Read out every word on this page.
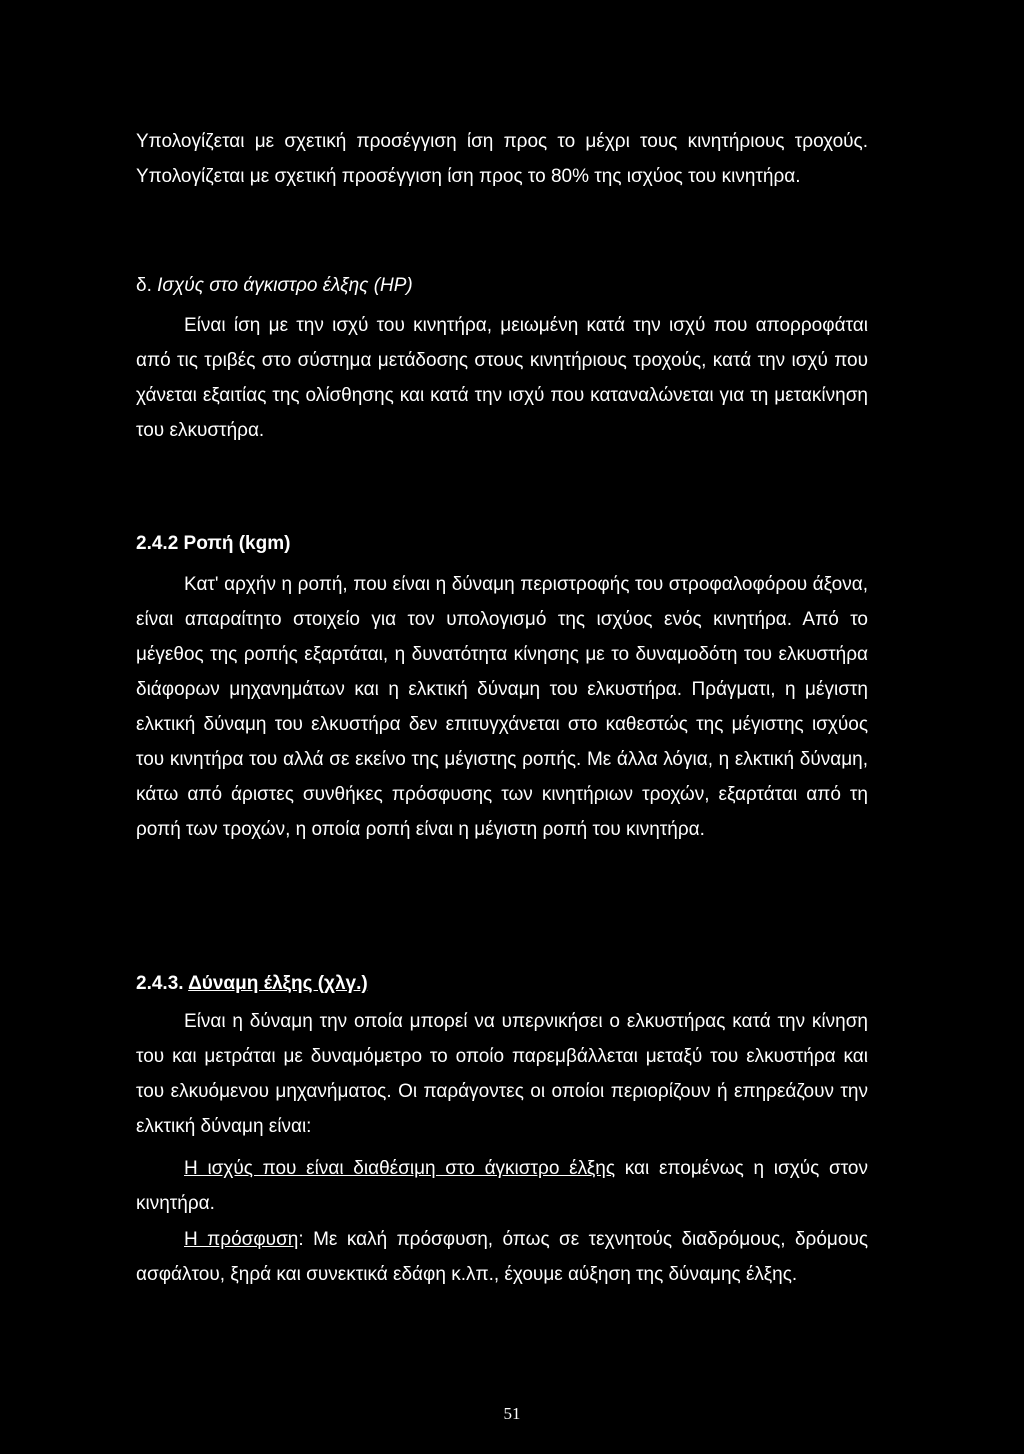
Υπολογίζεται με σχετική προσέγγιση ίση προς το μέχρι τους κινητήριους τροχούς. Υπολογίζεται με σχετική προσέγγιση ίση προς το 80% της ισχύος του κινητήρα.

δ. Ισχύς στο άγκιστρο έλξης (HP)

Είναι ίση με την ισχύ του κινητήρα, μειωμένη κατά την ισχύ που απορροφάται από τις τριβές στο σύστημα μετάδοσης στους κινητήριους τροχούς, κατά την ισχύ που χάνεται εξαιτίας της ολίσθησης και κατά την ισχύ που καταναλώνεται για τη μετακίνηση του ελκυστήρα.

2.4.2 Ροπή (kgm)

Κατ' αρχήν η ροπή, που είναι η δύναμη περιστροφής του στροφαλοφόρου άξονα, είναι απαραίτητο στοιχείο για τον υπολογισμό της ισχύος ενός κινητήρα. Από το μέγεθος της ροπής εξαρτάται, η δυνατότητα κίνησης με το δυναμοδότη του ελκυστήρα διάφορων μηχανημάτων και η ελκτική δύναμη του ελκυστήρα. Πράγματι, η μέγιστη ελκτική δύναμη του ελκυστήρα δεν επιτυγχάνεται στο καθεστώς της μέγιστης ισχύος του κινητήρα του αλλά σε εκείνο της μέγιστης ροπής. Με άλλα λόγια, η ελκτική δύναμη, κάτω από άριστες συνθήκες πρόσφυσης των κινητήριων τροχών, εξαρτάται από τη ροπή των τροχών, η οποία ροπή είναι η μέγιστη ροπή του κινητήρα.

2.4.3. Δύναμη έλξης (χλγ.)

Είναι η δύναμη την οποία μπορεί να υπερνικήσει ο ελκυστήρας κατά την κίνηση του και μετράται με δυναμόμετρο το οποίο παρεμβάλλεται μεταξύ του ελκυστήρα και του ελκυόμενου μηχανήματος. Οι παράγοντες οι οποίοι περιορίζουν ή επηρεάζουν την ελκτική δύναμη είναι:

Η ισχύς που είναι διαθέσιμη στο άγκιστρο έλξης και επομένως η ισχύς στον κινητήρα.

Η πρόσφυση: Με καλή πρόσφυση, όπως σε τεχνητούς διαδρόμους, δρόμους ασφάλτου, ξηρά και συνεκτικά εδάφη κ.λπ., έχουμε αύξηση της δύναμης έλξης.

51
